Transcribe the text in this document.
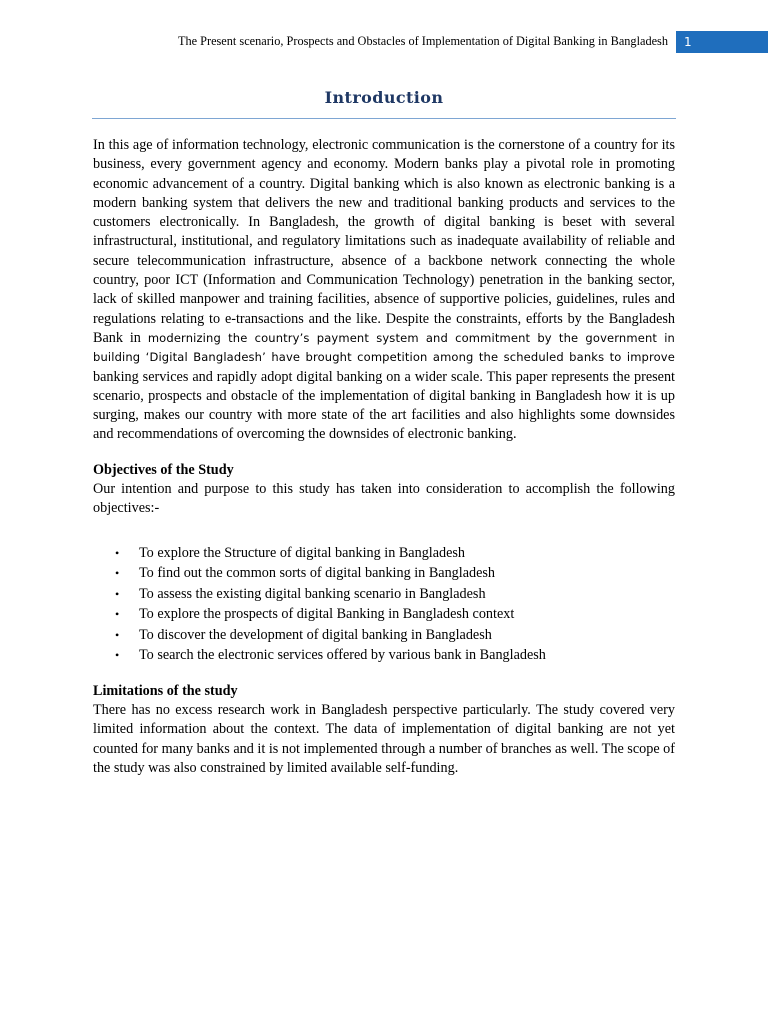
The Present scenario, Prospects and Obstacles of Implementation of Digital Banking in Bangladesh	1
Introduction

In this age of information technology, electronic communication is the cornerstone of a country for its business, every government agency and economy. Modern banks play a pivotal role in promoting economic advancement of a country. Digital banking which is also known as electronic banking is a modern banking system that delivers the new and traditional banking products and services to the customers electronically. In Bangladesh, the growth of digital banking is beset with several infrastructural, institutional, and regulatory limitations such as inadequate availability of reliable and secure telecommunication infrastructure, absence of a backbone network connecting the whole country, poor ICT (Information and Communication Technology) penetration in the banking sector, lack of skilled manpower and training facilities, absence of supportive policies, guidelines, rules and regulations relating to e-transactions and the like. Despite the constraints, efforts by the Bangladesh Bank in modernizing the country’s payment system and commitment by the government in building ‘Digital Bangladesh’ have brought competition among the scheduled banks to improve banking services and rapidly adopt digital banking on a wider scale. This paper represents the present scenario, prospects and obstacle of the implementation of digital banking in Bangladesh how it is up surging, makes our country with more state of the art facilities and also highlights some downsides and recommendations of overcoming the downsides of electronic banking.

Objectives of the Study

Our intention and purpose to this study has taken into consideration to accomplish the following objectives:-

• To explore the Structure of digital banking in Bangladesh
• To find out the common sorts of digital banking in Bangladesh
• To assess the existing digital banking scenario in Bangladesh
• To explore the prospects of digital Banking in Bangladesh context
• To discover the development of digital banking in Bangladesh
• To search the electronic services offered by various bank in Bangladesh

Limitations of the study

There has no excess research work in Bangladesh perspective particularly. The study covered very limited information about the context. The data of implementation of digital banking are not yet counted for many banks and it is not implemented through a number of branches as well. The scope of the study was also constrained by limited available self-funding.
